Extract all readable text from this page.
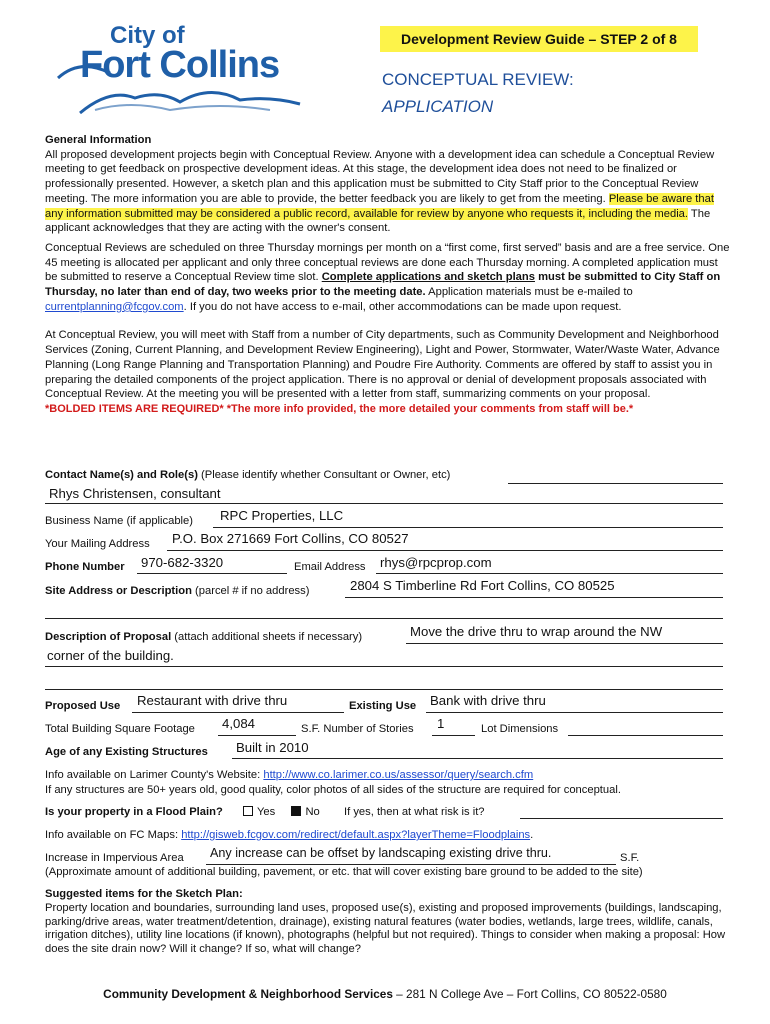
City of
Fort Collins
Development Review Guide – STEP 2 of 8
CONCEPTUAL REVIEW:
APPLICATION
General Information
All proposed development projects begin with Conceptual Review. Anyone with a development idea can schedule a Conceptual Review meeting to get feedback on prospective development ideas. At this stage, the development idea does not need to be finalized or professionally presented. However, a sketch plan and this application must be submitted to City Staff prior to the Conceptual Review meeting. The more information you are able to provide, the better feedback you are likely to get from the meeting. Please be aware that any information submitted may be considered a public record, available for review by anyone who requests it, including the media. The applicant acknowledges that they are acting with the owner's consent.
Conceptual Reviews are scheduled on three Thursday mornings per month on a “first come, first served” basis and are a free service. One 45 meeting is allocated per applicant and only three conceptual reviews are done each Thursday morning. A completed application must be submitted to reserve a Conceptual Review time slot. Complete applications and sketch plans must be submitted to City Staff on Thursday, no later than end of day, two weeks prior to the meeting date. Application materials must be e-mailed to currentplanning@fcgov.com. If you do not have access to e-mail, other accommodations can be made upon request.
At Conceptual Review, you will meet with Staff from a number of City departments, such as Community Development and Neighborhood Services (Zoning, Current Planning, and Development Review Engineering), Light and Power, Stormwater, Water/Waste Water, Advance Planning (Long Range Planning and Transportation Planning) and Poudre Fire Authority. Comments are offered by staff to assist you in preparing the detailed components of the project application. There is no approval or denial of development proposals associated with Conceptual Review. At the meeting you will be presented with a letter from staff, summarizing comments on your proposal.
*BOLDED ITEMS ARE REQUIRED* *The more info provided, the more detailed your comments from staff will be.*
Contact Name(s) and Role(s) (Please identify whether Consultant or Owner, etc)
Rhys Christensen, consultant
Business Name (if applicable) RPC Properties, LLC
Your Mailing Address P.O. Box 271669 Fort Collins, CO 80527
Phone Number 970-682-3320	Email Address rhys@rpcprop.com
Site Address or Description (parcel # if no address)	2804 S Timberline Rd Fort Collins, CO 80525
Description of Proposal (attach additional sheets if necessary)	Move the drive thru to wrap around the NW
corner of the building.
Proposed Use Restaurant with drive thru	Existing Use Bank with drive thru
Total Building Square Footage 4,084	S.F. Number of Stories 1	Lot Dimensions
Age of any Existing Structures Built in 2010
Info available on Larimer County's Website: http://www.co.larimer.co.us/assessor/query/search.cfm
If any structures are 50+ years old, good quality, color photos of all sides of the structure are required for conceptual.
Is your property in a Flood Plain?	Yes	No If yes, then at what risk is it?
Info available on FC Maps: http://gisweb.fcgov.com/redirect/default.aspx?layerTheme=Floodplains.
Increase in Impervious Area Any increase can be offset by landscaping existing drive thru.	S.F.
(Approximate amount of additional building, pavement, or etc. that will cover existing bare ground to be added to the site)
Suggested items for the Sketch Plan:
Property location and boundaries, surrounding land uses, proposed use(s), existing and proposed improvements (buildings, landscaping, parking/drive areas, water treatment/detention, drainage), existing natural features (water bodies, wetlands, large trees, wildlife, canals, irrigation ditches), utility line locations (if known), photographs (helpful but not required). Things to consider when making a proposal: How does the site drain now? Will it change? If so, what will change?
Community Development & Neighborhood Services – 281 N College Ave – Fort Collins, CO 80522-0580
